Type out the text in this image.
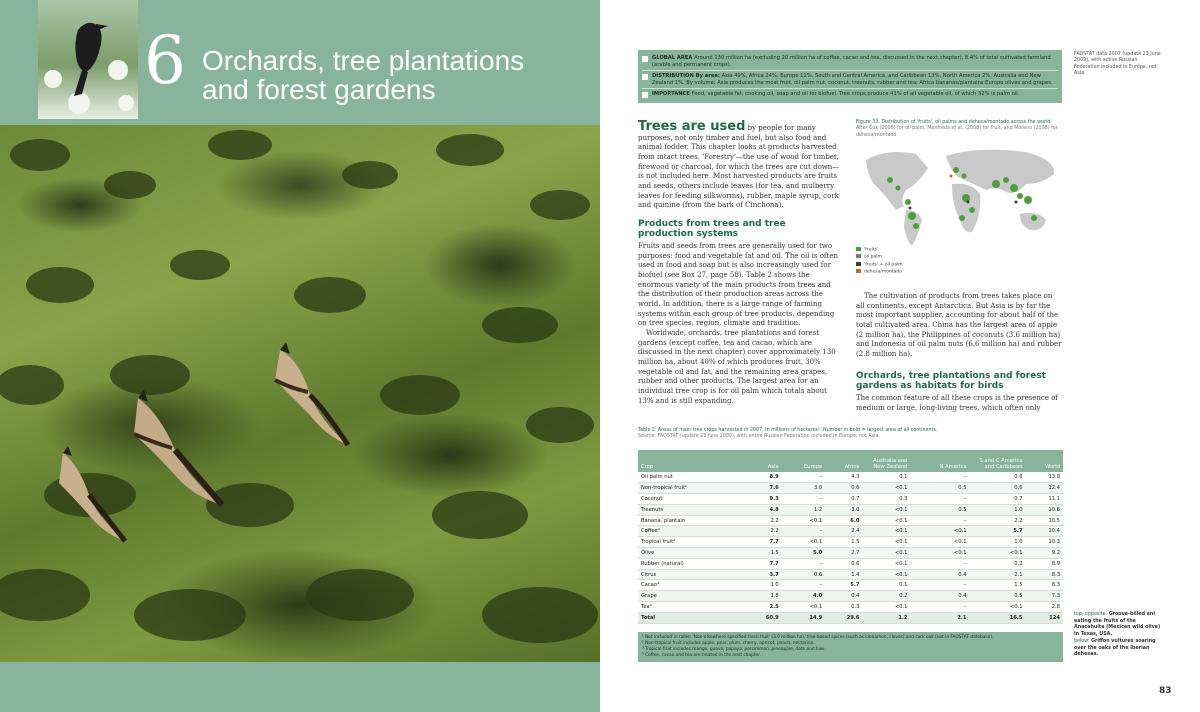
6 Orchards, tree plantations
and forest gardens
GLOBAL AREA Around 130 million ha (excluding 20 million ha of coffee, cacao and tea, discussed in the next chapter), 8.4% of total cultivated farmland (arable and permanent crops).
DISTRIBUTION By area: Asia 49%, Africa 24%, Europe 11%, South and Central America, and Caribbean 13%, North America 2%, Australia and New Zealand 1%. By volume: Asia produces the most fruit, oil palm nut, coconut, treenuts, rubber and tea; Africa bananas/plantains Europe olives and grapes.
IMPORTANCE Food, vegetable fat, cooking oil, soap and oil for biofuel. Tree crops produce 41% of all vegetable oil, of which 32% is palm oil.
FAOSTAT data 2007 (update 23 June 2009), with active Russian Federation included in Europe, not Asia.

Trees are used by people for many purposes, not only timber and fuel, but also food and animal fodder. This chapter looks at products harvested from intact trees. 'Forestry'—the use of wood for timber, firewood or charcoal, for which the trees are cut down—is not included here. Most harvested products are fruits and seeds, others include leaves (for tea, and mulberry leaves for feeding silkworms), rubber, maple syrup, cork and quinine (from the bark of Cinchona).

Products from trees and tree production systems

Fruits and seeds from trees are generally used for two purposes: food and vegetable fat and oil. The oil is often used in food and soap but is also increasingly used for biofuel (see Box 27, page 58). Table 2 shows the enormous variety of the main products from trees and the distribution of their production areas across the world. In addition, there is a large range of farming systems within each group of tree products, depending on tree species, region, climate and tradition.

Worldwide, orchards, tree plantations and forest gardens (except coffee, tea and cacao, which are discussed in the next chapter) cover approximately 130 million ha, about 40% of which produces fruit, 30% vegetable oil and fat, and the remaining area grapes, rubber and other products. The largest area for an individual tree crop is for oil palm which totals about 13% and is still expanding.

Figure 33. Distribution of 'fruits', oil palms and dehesa/montado across the world.
After Cox (2006) for oil palm, Monfreda et al. (2008) for fruit, and Moreno (2008) for dehesa/montado
'fruits'
oil palm
'fruits' + oil palm
dehesa/montado

The cultivation of products from trees takes place on all continents, except Antarctica. But Asia is by far the most important supplier, accounting for about half of the total cultivated area. China has the largest area of apple (2 million ha), the Philippines of coconuts (3.6 million ha) and Indonesia of oil palm nuts (6.6 million ha) and rubber (2.8 million ha).

Orchards, tree plantations and forest gardens as habitats for birds
The common feature of all these crops is the presence of medium or large, long-living trees, which often only
Table 2. Areas of main tree crops harvested in 2007, in millions of hectares¹. Number in bold = largest area of all continents.
Source: FAOSTAT (update 23 June 2009), with entire Russian Federation included in Europe, not Asia.
Crop	Asia	Europe	Africa	Australia and New Zealand	N America	S and C America and Caribbean	World
Oil palm nut	8.9	–	4.3	0.1	–	0.6	13.9
Non-tropical fruit²	7.6	3.0	0.6	<0.1	0.5	0.6	12.4
Coconut	9.3	–	0.7	0.3	–	0.7	11.1
Treenuts	4.8	1.2	3.0	<0.1	0.5	1.0	10.6
Banana, plantain	2.2	<0.1	6.0	<0.1	–	2.2	10.5
Coffee⁴	2.2	–	2.4	<0.1	<0.1	5.7	10.4
Tropical fruit³	7.7	<0.1	1.5	<0.1	<0.1	1.0	10.3
Olive	1.5	5.0	2.7	<0.1	<0.1	<0.1	9.2
Rubber (natural)	7.7	–	0.6	<0.1	–	0.2	8.9
Citrus	3.7	0.6	1.4	<0.1	0.4	2.1	8.3
Cacao⁴	1.0	–	5.7	0.1	–	1.5	8.3
Grape	1.8	4.0	0.4	0.2	0.4	0.5	7.3
Tea⁴	2.5	<0.1	0.3	<0.1	–	<0.1	2.8
Total	60.9	14.9	29.6	1.2	2.1	16.5	124
¹ Not included in table: 'Non-elsewhere specified fresh fruit' (3.9 million ha), tree-based spices (such as cinnamon, cloves) and cork oak (not in FAOSTAT database).
² Non-tropical fruit includes apple, pear, plum, cherry, apricot, peach, nectarine.
³ Tropical fruit includes mango, guava, papaya, persimmon, pineapple, date and kiwi.
⁴ Coffee, cacao and tea are treated in the next chapter.
top, opposite: Groove-billed ani eating the fruits of the Anacahuita (Mexican wild olive) in Texas, USA.
below: Griffon vultures soaring over the oaks of the Iberian dehesas.
83
